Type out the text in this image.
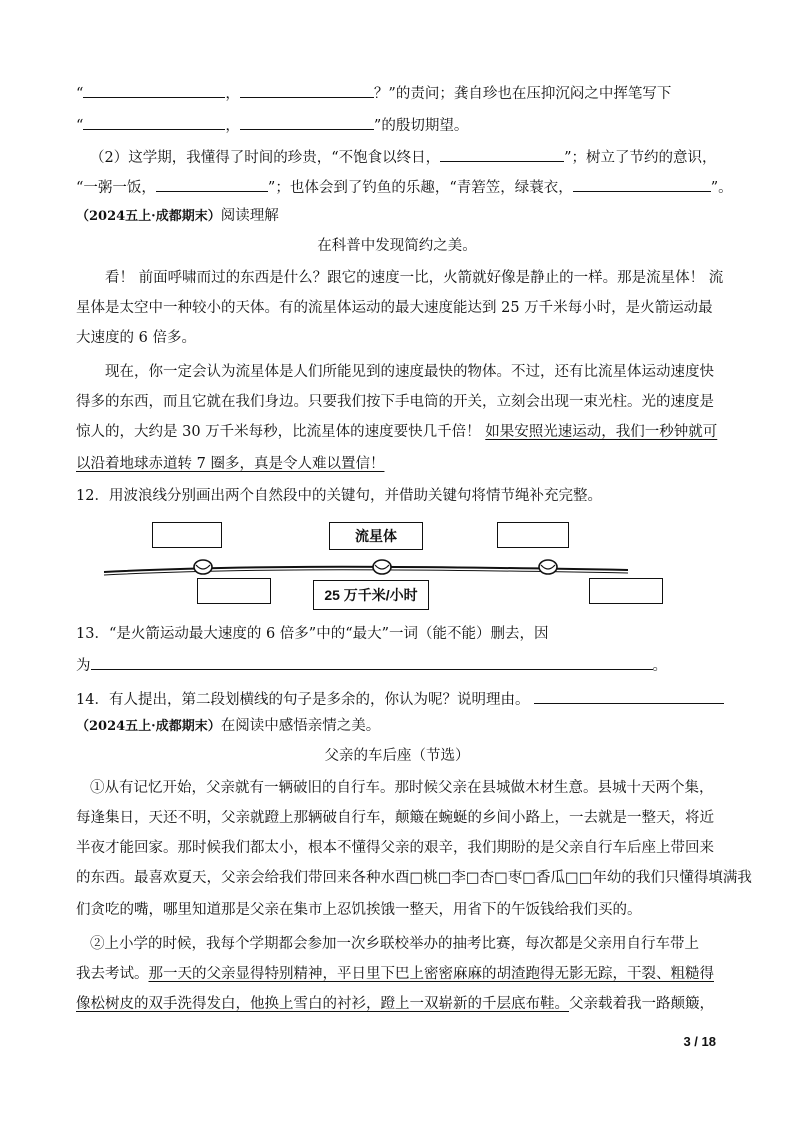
“	，	？”的责问；龚自珍也在压抑沉闷之中挥笔写下
“	，	”的殷切期望。
（2）这学期，我懂得了时间的珍贵，“不饱食以终日，	”；树立了节约的意识，
“一粥一饭，	”；也体会到了钓鱼的乐趣，“青箬笠，绿蓑衣，	”。
（2024五上·成都期末）阅读理解
在科普中发现简约之美。
看！ 前面呼啸而过的东西是什么？跟它的速度一比，火箭就好像是静止的一样。那是流星体！ 流
星体是太空中一种较小的天体。有的流星体运动的最大速度能达到 25 万千米每小时，是火箭运动最
大速度的 6 倍多。
现在，你一定会认为流星体是人们所能见到的速度最快的物体。不过，还有比流星体运动速度快
得多的东西，而且它就在我们身边。只要我们按下手电筒的开关，立刻会出现一束光柱。光的速度是
惊人的，大约是 30 万千米每秒，比流星体的速度要快几千倍！ 如果安照光速运动，我们一秒钟就可
以沿着地球赤道转 7 圈多，真是令人难以置信！
12．用波浪线分别画出两个自然段中的关键句，并借助关键句将情节绳补充完整。
流星体
25 万千米/小时
13．“是火箭运动最大速度的 6 倍多”中的“最大”一词（能不能）删去，因
为	。
14．有人提出，第二段划横线的句子是多余的，你认为呢？说明理由。
（2024五上·成都期末）在阅读中感悟亲情之美。
父亲的车后座（节选）
①从有记忆开始，父亲就有一辆破旧的自行车。那时候父亲在县城做木材生意。县城十天两个集，
每逢集日，天还不明，父亲就蹬上那辆破自行车，颠簸在蜿蜒的乡间小路上，一去就是一整天，将近
半夜才能回家。那时候我们都太小，根本不懂得父亲的艰辛，我们期盼的是父亲自行车后座上带回来
的东西。最喜欢夏天，父亲会给我们带回来各种水⾣□桃□李□杏□枣□香瓜□□年幼的我们只懂得填满我
们贪吃的嘴，哪里知道那是父亲在集市上忍饥挨饿一整天，用省下的午饭钱给我们买的。
②上小学的时候，我每个学期都会参加一次乡联校举办的抽考比赛，每次都是父亲用自行车带上
我去考试。那一天的父亲显得特别精神，平日里下巴上密密麻麻的胡渣跑得无影无踪，干裂、粗糙得
像松树皮的双手洗得发白，他换上雪白的衬衫，蹬上一双崭新的千层底布鞋。父亲载着我一路颠簸，
3 / 18
